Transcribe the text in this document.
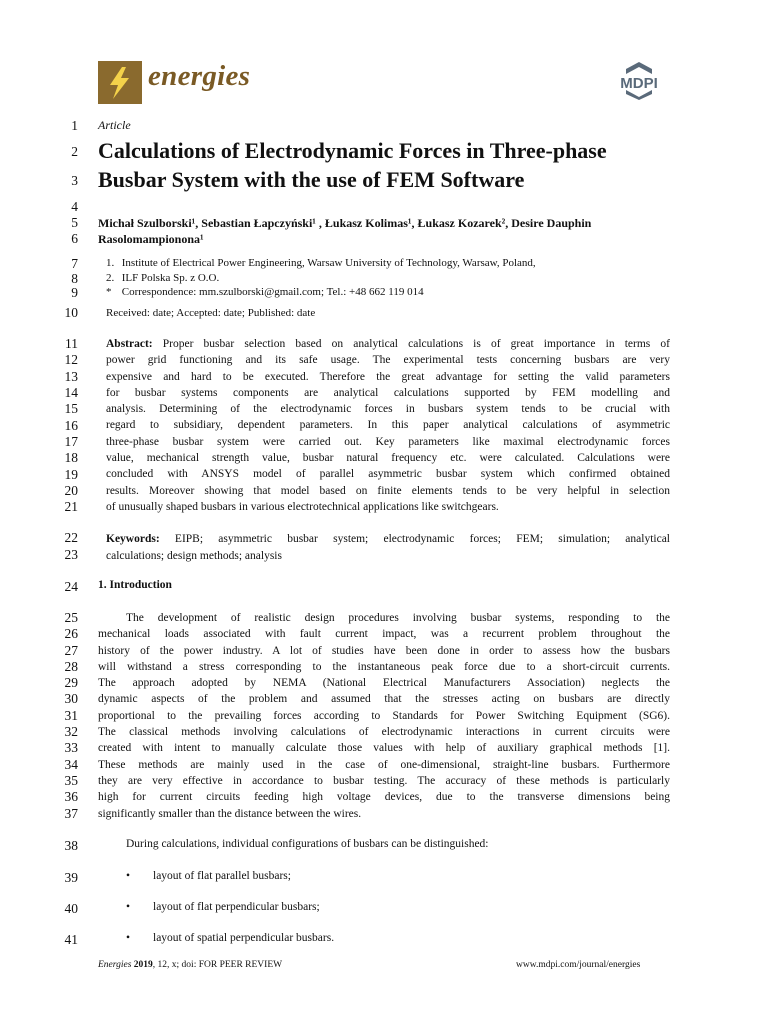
energies	MDPI
1
2
3
4
5
6
7
8
9
10
11
12
13
14
15
16
17
18
19
20
21
22
23
24
25
26
27
28
29
30
31
32
33
34
35
36
37
38
39
40
41
Article
Calculations of Electrodynamic Forces in Three-phase
Busbar System with the use of FEM Software
Michał Szulborski¹, Sebastian Łapczyński¹ , Łukasz Kolimas¹, Łukasz Kozarek², Desire Dauphin
Rasolomampionona¹
1. Institute of Electrical Power Engineering, Warsaw University of Technology, Warsaw, Poland,
2. ILF Polska Sp. z O.O.
* Correspondence: mm.szulborski@gmail.com; Tel.: +48 662 119 014
Received: date; Accepted: date; Published: date
Abstract: Proper busbar selection based on analytical calculations is of great importance in terms of
power grid functioning and its safe usage. The experimental tests concerning busbars are very
expensive and hard to be executed. Therefore the great advantage for setting the valid parameters
for busbar systems components are analytical calculations supported by FEM modelling and
analysis. Determining of the electrodynamic forces in busbars system tends to be crucial with
regard to subsidiary, dependent parameters. In this paper analytical calculations of asymmetric
three-phase busbar system were carried out. Key parameters like maximal electrodynamic forces
value, mechanical strength value, busbar natural frequency etc. were calculated. Calculations were
concluded with ANSYS model of parallel asymmetric busbar system which confirmed obtained
results. Moreover showing that model based on finite elements tends to be very helpful in selection
of unusually shaped busbars in various electrotechnical applications like switchgears.
Keywords: EIPB; asymmetric busbar system; electrodynamic forces; FEM; simulation; analytical
calculations; design methods; analysis
1. Introduction
The development of realistic design procedures involving busbar systems, responding to the
mechanical loads associated with fault current impact, was a recurrent problem throughout the
history of the power industry. A lot of studies have been done in order to assess how the busbars
will withstand a stress corresponding to the instantaneous peak force due to a short-circuit currents.
The approach adopted by NEMA (National Electrical Manufacturers Association) neglects the
dynamic aspects of the problem and assumed that the stresses acting on busbars are directly
proportional to the prevailing forces according to Standards for Power Switching Equipment (SG6).
The classical methods involving calculations of electrodynamic interactions in current circuits were
created with intent to manually calculate those values with help of auxiliary graphical methods [1].
These methods are mainly used in the case of one-dimensional, straight-line busbars. Furthermore
they are very effective in accordance to busbar testing. The accuracy of these methods is particularly
high for current circuits feeding high voltage devices, due to the transverse dimensions being
significantly smaller than the distance between the wires.
During calculations, individual configurations of busbars can be distinguished:
• layout of flat parallel busbars;
• layout of flat perpendicular busbars;
• layout of spatial perpendicular busbars.
Energies 2019, 12, x; doi: FOR PEER REVIEW	www.mdpi.com/journal/energies
